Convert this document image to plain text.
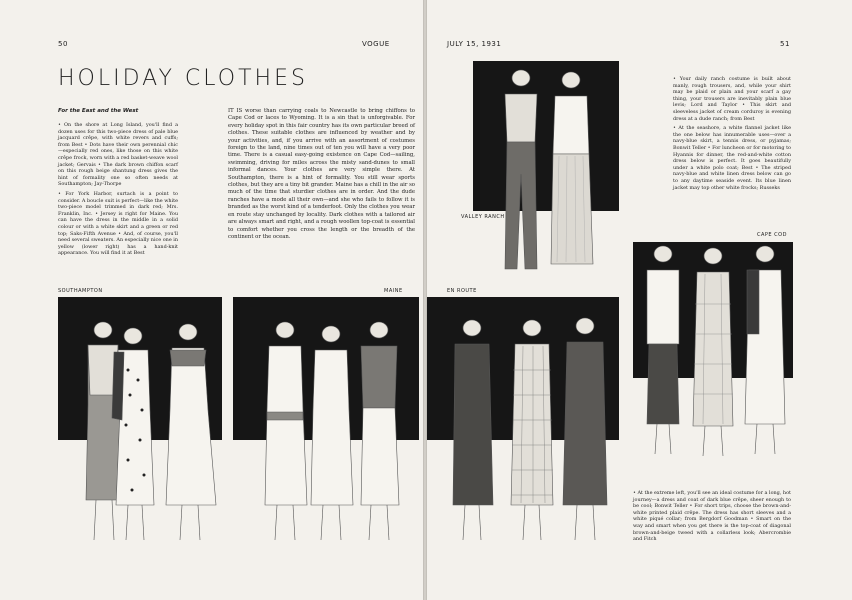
50	VOGUE
HOLIDAY CLOTHES
For the East and the West

• On the shore at Long Island, you'll find a dozen uses for this two-piece dress of pale blue jacquard crêpe, with white revers and cuffs; from Best • Dots have their own perennial chic—especially red ones, like those on this white crêpe frock, worn with a red basket-weave wool jacket; Gervais • The dark brown chiffon scarf on this rough beige shantung dress gives the hint of formality one so often needs at Southampton; Jay-Thorpe

• For York Harbor, surtach is a point to consider. A boucle suit is perfect—like the white two-piece model trimmed in dark red; Mrs. Franklin, Inc. • Jersey is right for Maine. You can have the dress in the middle in a solid colour or with a white skirt and a green or red top; Saks-Fifth Avenue • And, of course, you'll need several sweaters. An especially nice one in yellow (lower right) has a hand-knit appearance. You will find it at Best

IT IS worse than carrying coals to Newcastle to bring chiffons to Cape Cod or laces to Wyoming. It is a sin that is unforgivable. For every holiday spot in this fair country has its own particular breed of clothes. These suitable clothes are influenced by weather and by your activities, and, if you arrive with an assortment of costumes foreign to the land, nine times out of ten you will have a very poor time. There is a casual easy-going existence on Cape Cod—sailing, swimming, driving for miles across the misty sand-dunes to small informal dances. Your clothes are very simple there. At Southampton, there is a hint of formality. You still wear sports clothes, but they are a tiny bit grander. Maine has a chill in the air so much of the time that sturdier clothes are in order. And the dude ranches have a mode all their own—and she who fails to follow it is branded as the worst kind of a tenderfoot. Only the clothes you wear en route stay unchanged by locality. Dark clothes with a tailored air are always smart and right, and a rough woollen top-coat is essential to comfort whether you cross the length or the breadth of the continent or the ocean.

SOUTHAMPTON	MAINE
JULY 15, 1931	51
VALLEY RANCH

• Your daily ranch costume is built about manly, rough trousers, and, while your shirt may be plaid or plain and your scarf a gay thing, your trousers are inevitably plain blue levis; Lord and Taylor • This skirt and sleeveless jacket of cream corduroy is evening dress at a dude ranch; from Best

• At the seashore, a white flannel jacket like the one below has innumerable uses—over a navy-blue skirt, a tennis dress, or pyjamas; Bonwit Teller • For luncheon or for motoring to Hyannis for dinner, the red-and-white cotton dress below is perfect. It goes beautifully under a white polo coat; Best • The striped navy-blue and white linen dress below can go to any daytime seaside event. Its blue linen jacket may top other white frocks; Russeks

CAPE COD
EN ROUTE

• At the extreme left, you'll see an ideal costume for a long, hot journey—a dress and coat of dark blue crêpe, sheer enough to be cool; Bonwit Teller • For short trips, choose the brown-and-white printed plaid crêpe. The dress has short sleeves and a white piqué collar; from Bergdorf Goodman • Smart on the way and smart when you get there is the top-coat of diagonal brown-and-beige tweed with a collarless look; Abercrombie and Fitch
